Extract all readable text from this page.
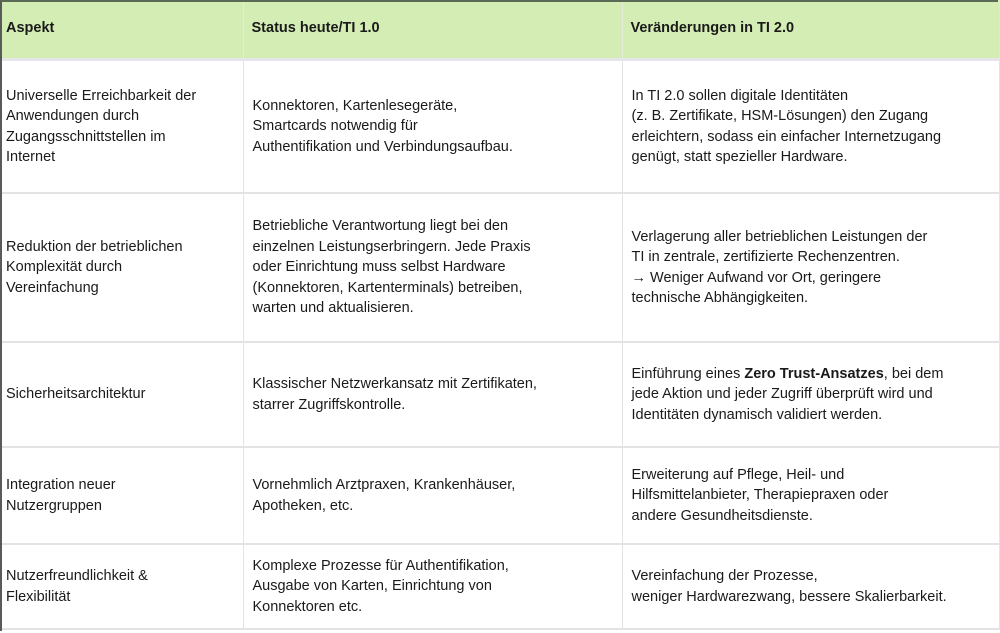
Aspekt	Status heute/TI 1.0	Veränderungen in TI 2.0

Universelle Erreichbarkeit der
Anwendungen durch
Zugangsschnittstellen im
Internet	Konnektoren, Kartenlesegeräte,
Smartcards notwendig für
Authentifikation und Verbindungsaufbau.	In TI 2.0 sollen digitale Identitäten
(z. B. Zertifikate, HSM-Lösungen) den Zugang
erleichtern, sodass ein einfacher Internetzugang
genügt, statt spezieller Hardware.

Reduktion der betrieblichen
Komplexität durch
Vereinfachung	Betriebliche Verantwortung liegt bei den
einzelnen Leistungserbringern. Jede Praxis
oder Einrichtung muss selbst Hardware
(Konnektoren, Kartenterminals) betreiben,
warten und aktualisieren.	Verlagerung aller betrieblichen Leistungen der
TI in zentrale, zertifizierte Rechenzentren.
→ Weniger Aufwand vor Ort, geringere
technische Abhängigkeiten.

Sicherheitsarchitektur	Klassischer Netzwerkansatz mit Zertifikaten,
starrer Zugriffskontrolle.	Einführung eines Zero Trust-Ansatzes, bei dem
jede Aktion und jeder Zugriff überprüft wird und
Identitäten dynamisch validiert werden.

Integration neuer
Nutzergruppen	Vornehmlich Arztpraxen, Krankenhäuser,
Apotheken, etc.	Erweiterung auf Pflege, Heil- und
Hilfsmittelanbieter, Therapiepraxen oder
andere Gesundheitsdienste.

Nutzerfreundlichkeit &
Flexibilität	Komplexe Prozesse für Authentifikation,
Ausgabe von Karten, Einrichtung von
Konnektoren etc.	Vereinfachung der Prozesse,
weniger Hardwarezwang, bessere Skalierbarkeit.
